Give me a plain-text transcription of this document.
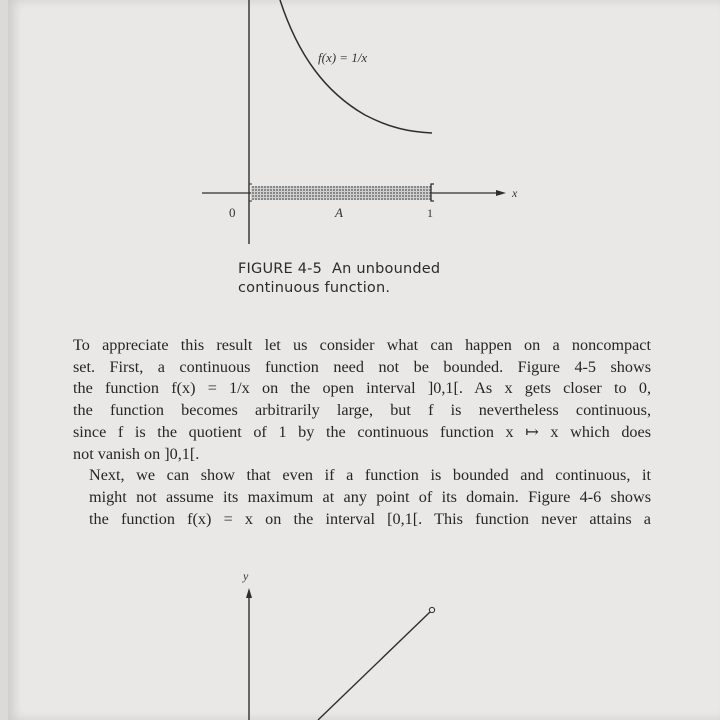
f(x) = 1/x
x
0	A	1
y
FIGURE 4-5 An unbounded
continuous function.

To appreciate this result let us consider what can happen on a noncompact
set. First, a continuous function need not be bounded. Figure 4-5 shows
the function f(x) = 1/x on the open interval ]0,1[. As x gets closer to 0,
the function becomes arbitrarily large, but f is nevertheless continuous,
since f is the quotient of 1 by the continuous function x ↦ x which does
not vanish on ]0,1[.

Next, we can show that even if a function is bounded and continuous, it
might not assume its maximum at any point of its domain. Figure 4-6 shows
the function f(x) = x on the interval [0,1[. This function never attains a
